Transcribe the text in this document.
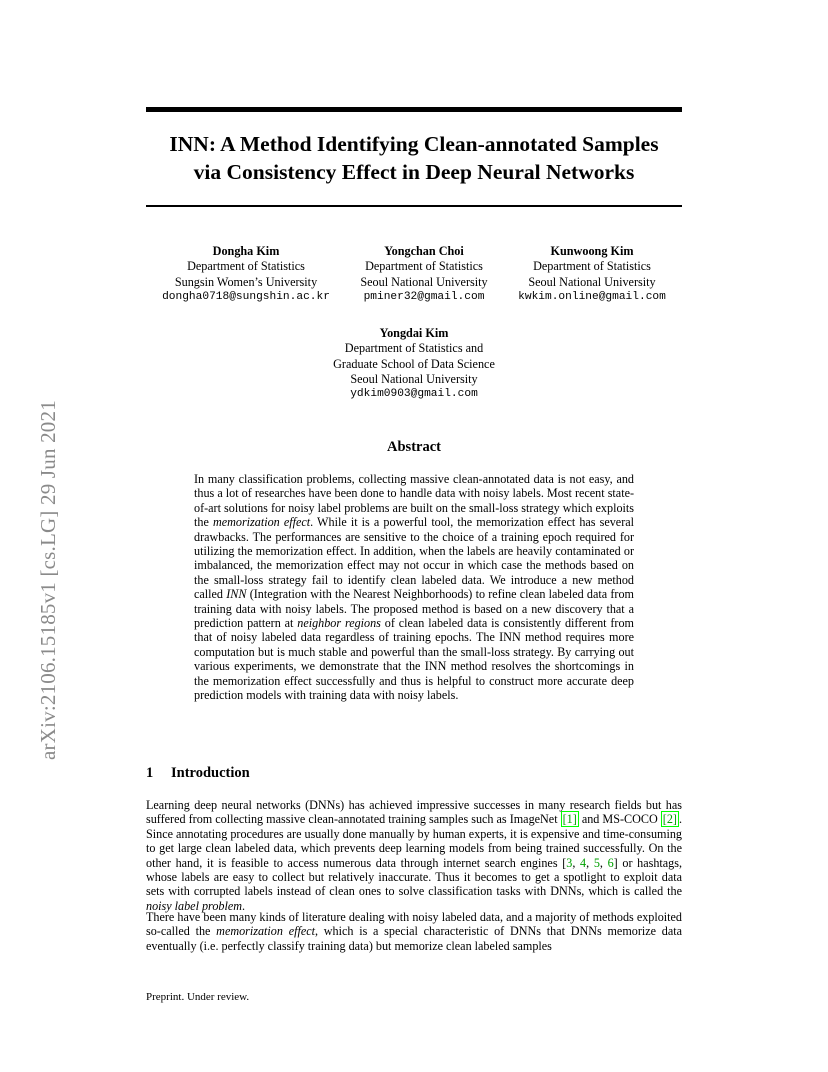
arXiv:2106.15185v1 [cs.LG] 29 Jun 2021
INN: A Method Identifying Clean-annotated Samples
via Consistency Effect in Deep Neural Networks
Dongha Kim
Department of Statistics
Sungsin Women’s University
dongha0718@sungshin.ac.kr
Yongchan Choi
Department of Statistics
Seoul National University
pminer32@gmail.com
Kunwoong Kim
Department of Statistics
Seoul National University
kwkim.online@gmail.com
Yongdai Kim
Department of Statistics and
Graduate School of Data Science
Seoul National University
ydkim0903@gmail.com
Abstract
In many classification problems, collecting massive clean-annotated data is not easy, and thus a lot of researches have been done to handle data with noisy labels. Most recent state-of-art solutions for noisy label problems are built on the small-loss strategy which exploits the memorization effect. While it is a powerful tool, the memorization effect has several drawbacks. The performances are sensitive to the choice of a training epoch required for utilizing the memorization effect. In addition, when the labels are heavily contaminated or imbalanced, the memorization effect may not occur in which case the methods based on the small-loss strategy fail to identify clean labeled data. We introduce a new method called INN (Integration with the Nearest Neighborhoods) to refine clean labeled data from training data with noisy labels. The proposed method is based on a new discovery that a prediction pattern at neighbor regions of clean labeled data is consistently different from that of noisy labeled data regardless of training epochs. The INN method requires more computation but is much stable and powerful than the small-loss strategy. By carrying out various experiments, we demonstrate that the INN method resolves the shortcomings in the memorization effect successfully and thus is helpful to construct more accurate deep prediction models with training data with noisy labels.
1 Introduction
Learning deep neural networks (DNNs) has achieved impressive successes in many research fields but has suffered from collecting massive clean-annotated training samples such as ImageNet [1] and MS-COCO [2] . Since annotating procedures are usually done manually by human experts, it is expensive and time-consuming to get large clean labeled data, which prevents deep learning models from being trained successfully. On the other hand, it is feasible to access numerous data through internet search engines [3, 4, 5, 6] or hashtags, whose labels are easy to collect but relatively inaccurate. Thus it becomes to get a spotlight to exploit data sets with corrupted labels instead of clean ones to solve classification tasks with DNNs, which is called the noisy label problem.
There have been many kinds of literature dealing with noisy labeled data, and a majority of methods exploited so-called the memorization effect, which is a special characteristic of DNNs that DNNs memorize data eventually (i.e. perfectly classify training data) but memorize clean labeled samples
Preprint. Under review.
